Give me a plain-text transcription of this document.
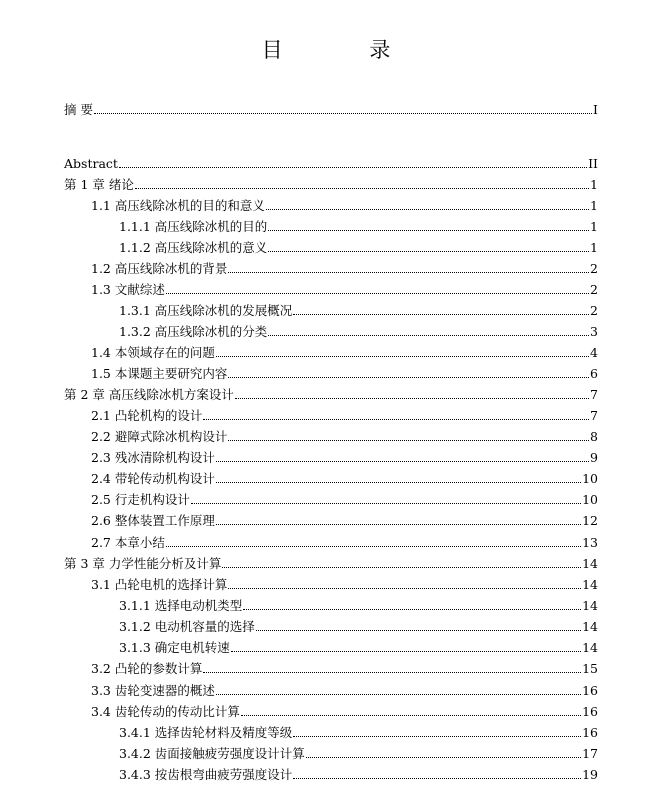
目 录
摘 要	I
Abstract	II
第 1 章 绪论	1
1.1 高压线除冰机的目的和意义	1
1.1.1 高压线除冰机的目的	1
1.1.2 高压线除冰机的意义	1
1.2 高压线除冰机的背景	2
1.3 文献综述	2
1.3.1 高压线除冰机的发展概况	2
1.3.2 高压线除冰机的分类	3
1.4 本领域存在的问题	4
1.5 本课题主要研究内容	6
第 2 章 高压线除冰机方案设计	7
2.1 凸轮机构的设计	7
2.2 避障式除冰机构设计	8
2.3 残冰清除机构设计	9
2.4 带轮传动机构设计	10
2.5 行走机构设计	10
2.6 整体装置工作原理	12
2.7 本章小结	13
第 3 章 力学性能分析及计算	14
3.1 凸轮电机的选择计算	14
3.1.1 选择电动机类型	14
3.1.2 电动机容量的选择	14
3.1.3 确定电机转速	14
3.2 凸轮的参数计算	15
3.3 齿轮变速器的概述	16
3.4 齿轮传动的传动比计算	16
3.4.1 选择齿轮材料及精度等级	16
3.4.2 齿面接触疲劳强度设计计算	17
3.4.3 按齿根弯曲疲劳强度设计	19
